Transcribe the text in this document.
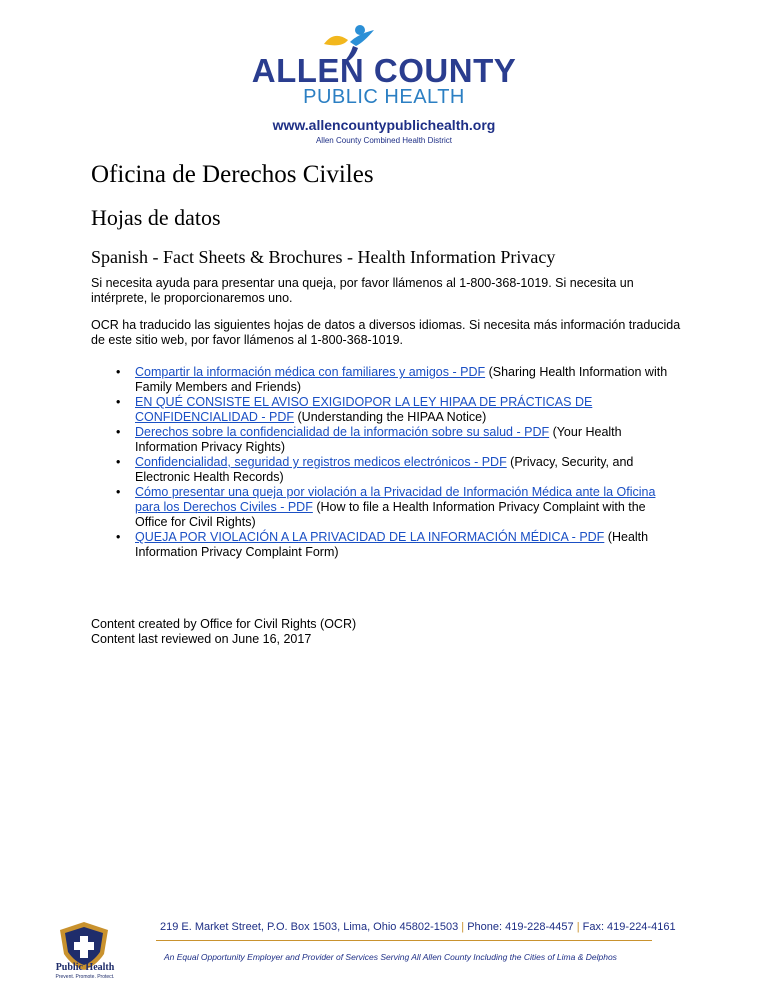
ALLEN COUNTY
PUBLIC HEALTH
www.allencountypublichealth.org
Allen County Combined Health District
Oficina de Derechos Civiles
Hojas de datos
Spanish - Fact Sheets & Brochures - Health Information Privacy

Si necesita ayuda para presentar una queja, por favor llámenos al 1-800-368-1019. Si necesita un intérprete, le proporcionaremos uno.

OCR ha traducido las siguientes hojas de datos a diversos idiomas. Si necesita más información traducida de este sitio web, por favor llámenos al 1-800-368-1019.

• Compartir la información médica con familiares y amigos - PDF (Sharing Health Information with Family Members and Friends)
• EN QUÉ CONSISTE EL AVISO EXIGIDOPOR LA LEY HIPAA DE PRÁCTICAS DE CONFIDENCIALIDAD - PDF (Understanding the HIPAA Notice)
• Derechos sobre la confidencialidad de la información sobre su salud - PDF (Your Health Information Privacy Rights)
• Confidencialidad, seguridad y registros medicos electrónicos - PDF (Privacy, Security, and Electronic Health Records)
• Cómo presentar una queja por violación a la Privacidad de Información Médica ante la Oficina para los Derechos Civiles - PDF (How to file a Health Information Privacy Complaint with the Office for Civil Rights)
• QUEJA POR VIOLACIÓN A LA PRIVACIDAD DE LA INFORMACIÓN MÉDICA - PDF (Health Information Privacy Complaint Form)
Content created by Office for Civil Rights (OCR)
Content last reviewed on June 16, 2017
Public Health
Prevent. Promote. Protect.
219 E. Market Street, P.O. Box 1503, Lima, Ohio 45802-1503 | Phone: 419-228-4457 | Fax: 419-224-4161
An Equal Opportunity Employer and Provider of Services Serving All Allen County Including the Cities of Lima & Delphos
